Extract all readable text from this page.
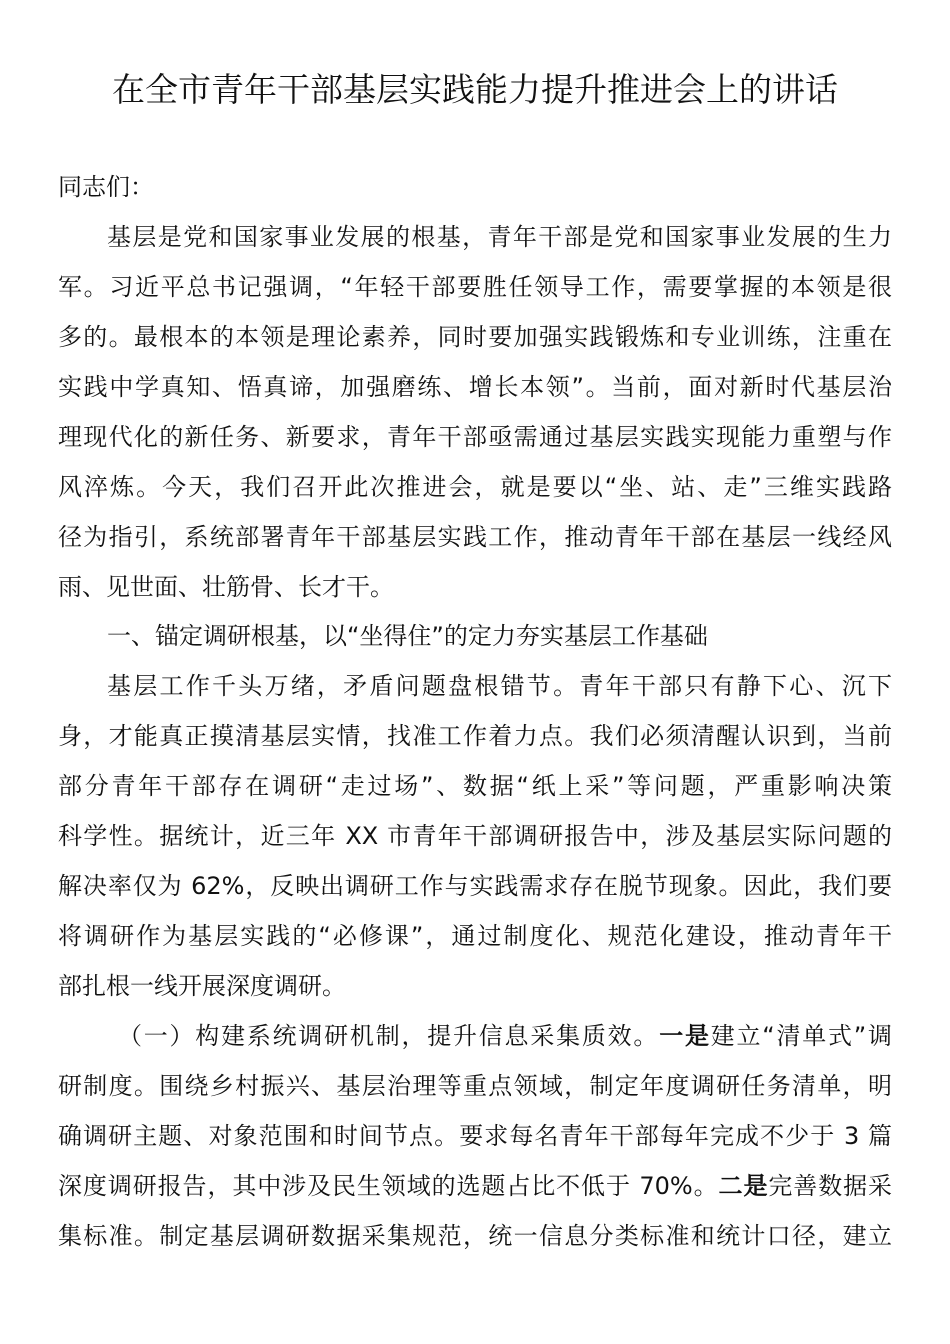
在全市青年干部基层实践能力提升推进会上的讲话
同志们：
基层是党和国家事业发展的根基，青年干部是党和国家事业发展的生力
军。习近平总书记强调，“年轻干部要胜任领导工作，需要掌握的本领是很
多的。最根本的本领是理论素养，同时要加强实践锻炼和专业训练，注重在
实践中学真知、悟真谛，加强磨练、增长本领”。当前，面对新时代基层治
理现代化的新任务、新要求，青年干部亟需通过基层实践实现能力重塑与作
风淬炼。今天，我们召开此次推进会，就是要以“坐、站、走”三维实践路
径为指引，系统部署青年干部基层实践工作，推动青年干部在基层一线经风
雨、见世面、壮筋骨、长才干。
一、锚定调研根基，以“坐得住”的定力夯实基层工作基础
基层工作千头万绪，矛盾问题盘根错节。青年干部只有静下心、沉下
身，才能真正摸清基层实情，找准工作着力点。我们必须清醒认识到，当前
部分青年干部存在调研“走过场”、数据“纸上采”等问题，严重影响决策
科学性。据统计，近三年 XX 市青年干部调研报告中，涉及基层实际问题的
解决率仅为 62%，反映出调研工作与实践需求存在脱节现象。因此，我们要
将调研作为基层实践的“必修课”，通过制度化、规范化建设，推动青年干
部扎根一线开展深度调研。
（一）构建系统调研机制，提升信息采集质效。一是建立“清单式”调
研制度。围绕乡村振兴、基层治理等重点领域，制定年度调研任务清单，明
确调研主题、对象范围和时间节点。要求每名青年干部每年完成不少于 3 篇
深度调研报告，其中涉及民生领域的选题占比不低于 70%。二是完善数据采
集标准。制定基层调研数据采集规范，统一信息分类标准和统计口径，建立
